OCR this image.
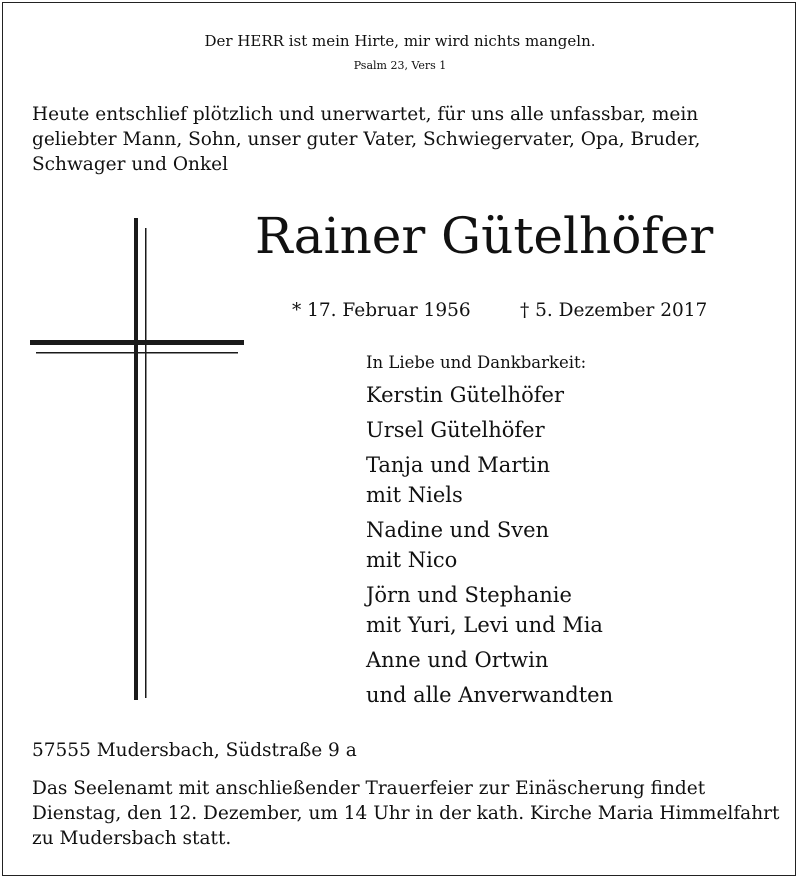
Der HERR ist mein Hirte, mir wird nichts mangeln.
Psalm 23, Vers 1
Heute entschlief plötzlich und unerwartet, für uns alle unfassbar, mein geliebter Mann, Sohn, unser guter Vater, Schwiegervater, Opa, Bruder, Schwager und Onkel
Rainer Gütelhöfer
* 17. Februar 1956	† 5. Dezember 2017
In Liebe und Dankbarkeit:
Kerstin Gütelhöfer
Ursel Gütelhöfer
Tanja und Martin
mit Niels
Nadine und Sven
mit Nico
Jörn und Stephanie
mit Yuri, Levi und Mia
Anne und Ortwin
und alle Anverwandten
57555 Mudersbach, Südstraße 9 a
Das Seelenamt mit anschließender Trauerfeier zur Einäscherung findet Dienstag, den 12. Dezember, um 14 Uhr in der kath. Kirche Maria Himmelfahrt zu Mudersbach statt.
